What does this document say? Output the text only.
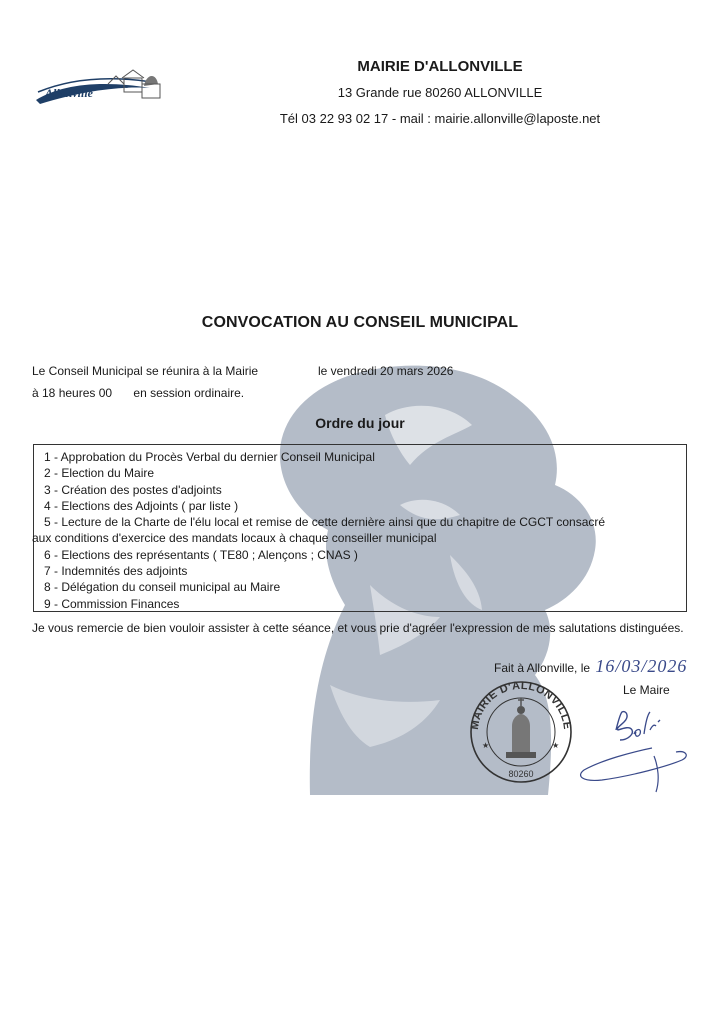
Allonville
MAIRIE D'ALLONVILLE
13 Grande rue 80260 ALLONVILLE
Tél 03 22 93 02 17 - mail : mairie.allonville@laposte.net
CONVOCATION AU CONSEIL MUNICIPAL
Le Conseil Municipal se réunira à la Mairie	le vendredi 20 mars 2026
à 18 heures 00 en session ordinaire.
Ordre du jour
1 - Approbation du Procès Verbal du dernier Conseil Municipal
2 - Election du Maire
3 - Création des postes d'adjoints
4 - Elections des Adjoints ( par liste )
5 - Lecture de la Charte de l'élu local et remise de cette dernière ainsi que du chapitre de CGCT consacré
aux conditions d'exercice des mandats locaux à chaque conseiller municipal
6 - Elections des représentants ( TE80 ; Alençons ; CNAS )
7 - Indemnités des adjoints
8 - Délégation du conseil municipal au Maire
9 - Commission Finances
Je vous remercie de bien vouloir assister à cette séance, et vous prie d'agréer l'expression de mes salutations distinguées.
Fait à Allonville, le 16/03/2026
Le Maire
MAIRIE D'ALLONVILLE
80260
★	★
